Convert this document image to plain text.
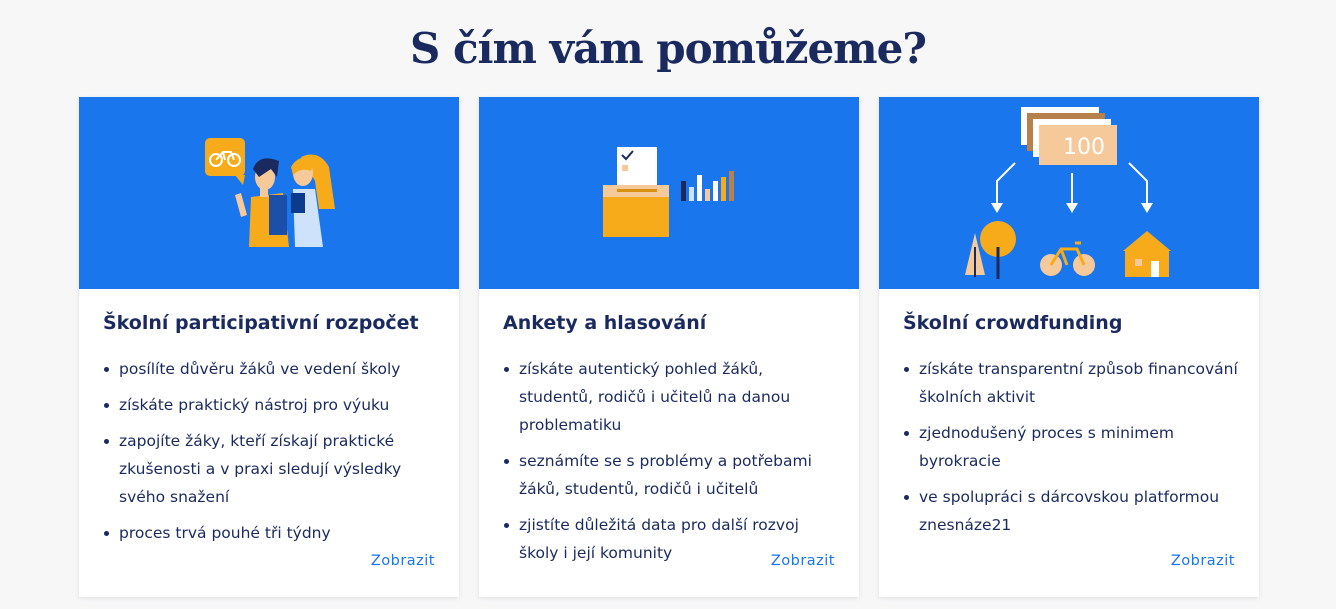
S čím vám pomůžeme?
Školní participativní rozpočet
posílíte důvěru žáků ve vedení školy
získáte praktický nástroj pro výuku
zapojíte žáky, kteří získají praktické zkušenosti a v praxi sledují výsledky svého snažení
proces trvá pouhé tři týdny
Zobrazit
Ankety a hlasování
získáte autentický pohled žáků, studentů, rodičů i učitelů na danou problematiku
seznámíte se s problémy a potřebami žáků, studentů, rodičů i učitelů
zjistíte důležitá data pro další rozvoj školy i její komunity	Zobrazit
100
Školní crowdfunding
získáte transparentní způsob financování školních aktivit
zjednodušený proces s minimem byrokracie
ve spolupráci s dárcovskou platformou znesnáze21
Zobrazit
